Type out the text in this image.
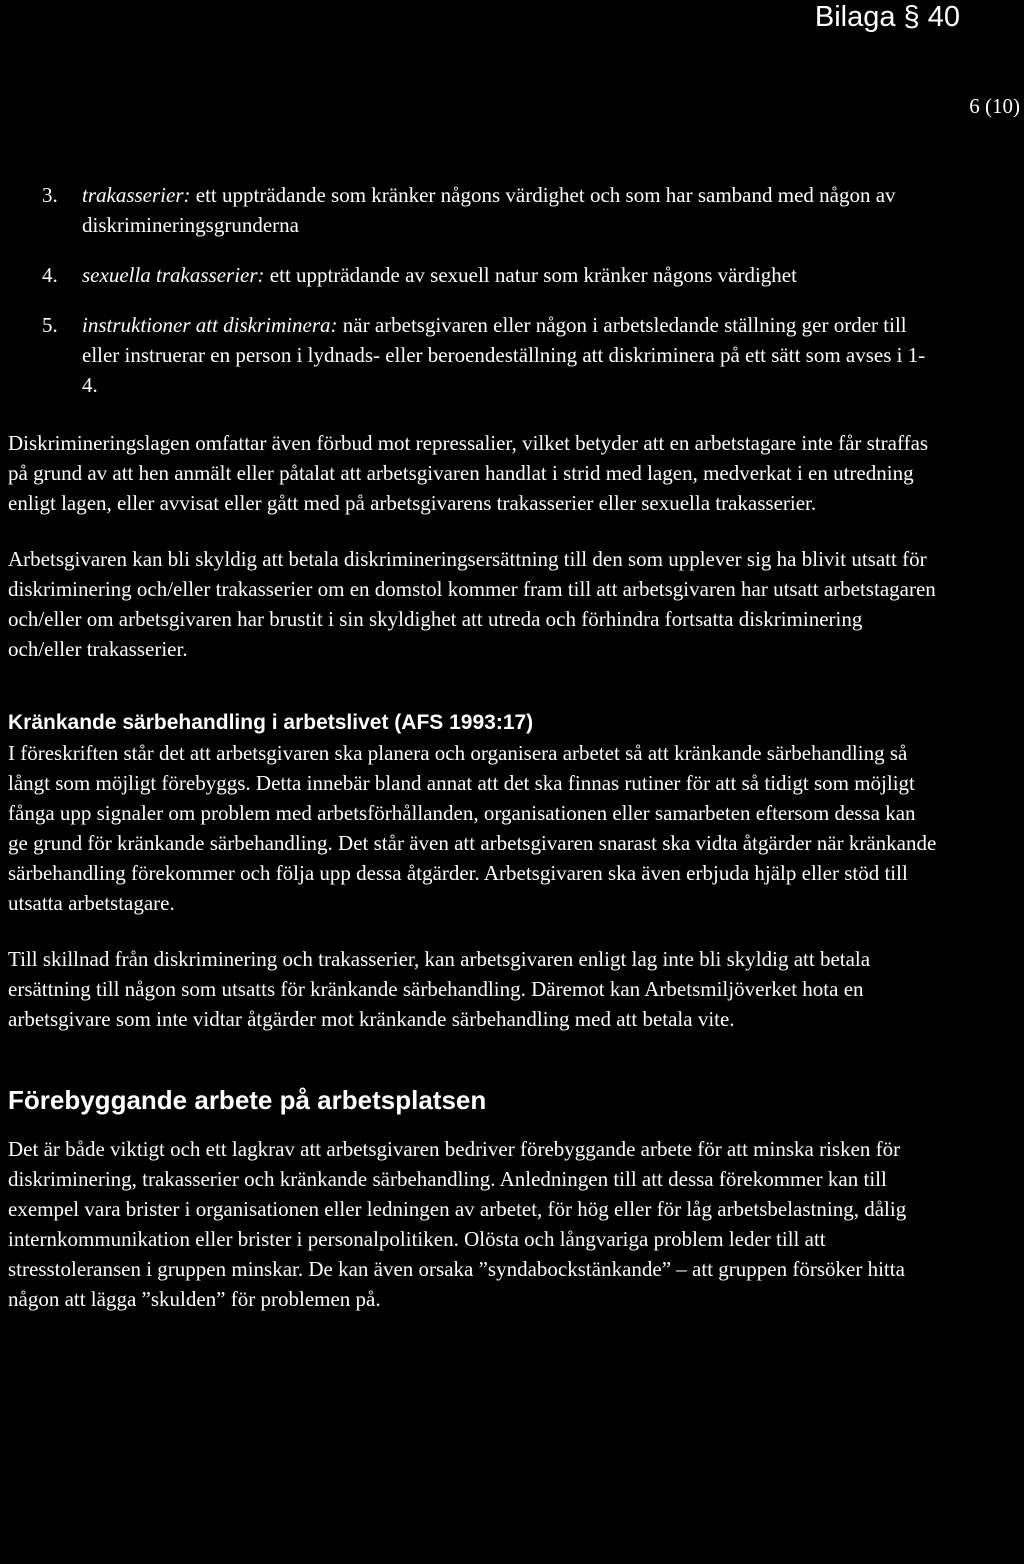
Bilaga § 40
6 (10)
3. trakasserier: ett uppträdande som kränker någons värdighet och som har samband med någon av diskrimineringsgrunderna
4. sexuella trakasserier: ett uppträdande av sexuell natur som kränker någons värdighet
5. instruktioner att diskriminera: när arbetsgivaren eller någon i arbetsledande ställning ger order till eller instruerar en person i lydnads- eller beroendeställning att diskriminera på ett sätt som avses i 1-4.

Diskrimineringslagen omfattar även förbud mot repressalier, vilket betyder att en arbetstagare inte får straffas på grund av att hen anmält eller påtalat att arbetsgivaren handlat i strid med lagen, medverkat i en utredning enligt lagen, eller avvisat eller gått med på arbetsgivarens trakasserier eller sexuella trakasserier.

Arbetsgivaren kan bli skyldig att betala diskrimineringsersättning till den som upplever sig ha blivit utsatt för diskriminering och/eller trakasserier om en domstol kommer fram till att arbetsgivaren har utsatt arbetstagaren och/eller om arbetsgivaren har brustit i sin skyldighet att utreda och förhindra fortsatta diskriminering och/eller trakasserier.

Kränkande särbehandling i arbetslivet (AFS 1993:17)

I föreskriften står det att arbetsgivaren ska planera och organisera arbetet så att kränkande särbehandling så långt som möjligt förebyggs. Detta innebär bland annat att det ska finnas rutiner för att så tidigt som möjligt fånga upp signaler om problem med arbetsförhållanden, organisationen eller samarbeten eftersom dessa kan ge grund för kränkande särbehandling. Det står även att arbetsgivaren snarast ska vidta åtgärder när kränkande särbehandling förekommer och följa upp dessa åtgärder. Arbetsgivaren ska även erbjuda hjälp eller stöd till utsatta arbetstagare.

Till skillnad från diskriminering och trakasserier, kan arbetsgivaren enligt lag inte bli skyldig att betala ersättning till någon som utsatts för kränkande särbehandling. Däremot kan Arbetsmiljöverket hota en arbetsgivare som inte vidtar åtgärder mot kränkande särbehandling med att betala vite.

Förebyggande arbete på arbetsplatsen

Det är både viktigt och ett lagkrav att arbetsgivaren bedriver förebyggande arbete för att minska risken för diskriminering, trakasserier och kränkande särbehandling. Anledningen till att dessa förekommer kan till exempel vara brister i organisationen eller ledningen av arbetet, för hög eller för låg arbetsbelastning, dålig internkommunikation eller brister i personalpolitiken. Olösta och långvariga problem leder till att stresstoleransen i gruppen minskar. De kan även orsaka ”syndabockstänkande” – att gruppen försöker hitta någon att lägga ”skulden” för problemen på.
